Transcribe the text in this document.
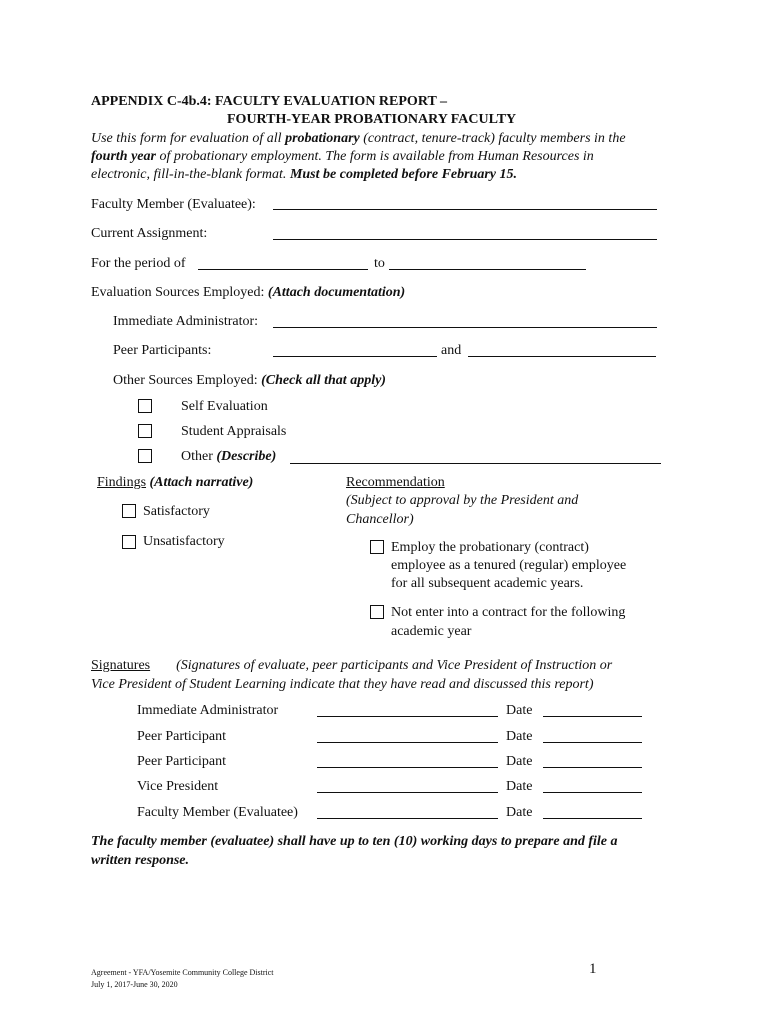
APPENDIX C-4b.4: FACULTY EVALUATION REPORT –
FOURTH-YEAR PROBATIONARY FACULTY
Use this form for evaluation of all probationary (contract, tenure-track) faculty members in the
fourth year of probationary employment. The form is available from Human Resources in
electronic, fill-in-the-blank format. Must be completed before February 15.
Faculty Member (Evaluatee):
Current Assignment:
For the period of	to
Evaluation Sources Employed: (Attach documentation)
Immediate Administrator:
Peer Participants:	and
Other Sources Employed: (Check all that apply)
Self Evaluation
Student Appraisals
Other (Describe)
Findings (Attach narrative)
Satisfactory
Unsatisfactory
Recommendation
(Subject to approval by the President and
Chancellor)
Employ the probationary (contract)
employee as a tenured (regular) employee
for all subsequent academic years.
Not enter into a contract for the following
academic year
Signatures (Signatures of evaluate, peer participants and Vice President of Instruction or
Vice President of Student Learning indicate that they have read and discussed this report)
Immediate Administrator	Date
Peer Participant	Date
Peer Participant	Date
Vice President	Date
Faculty Member (Evaluatee)	Date
The faculty member (evaluatee) shall have up to ten (10) working days to prepare and file a
written response.
Agreement - YFA/Yosemite Community College District
July 1, 2017-June 30, 2020
1
